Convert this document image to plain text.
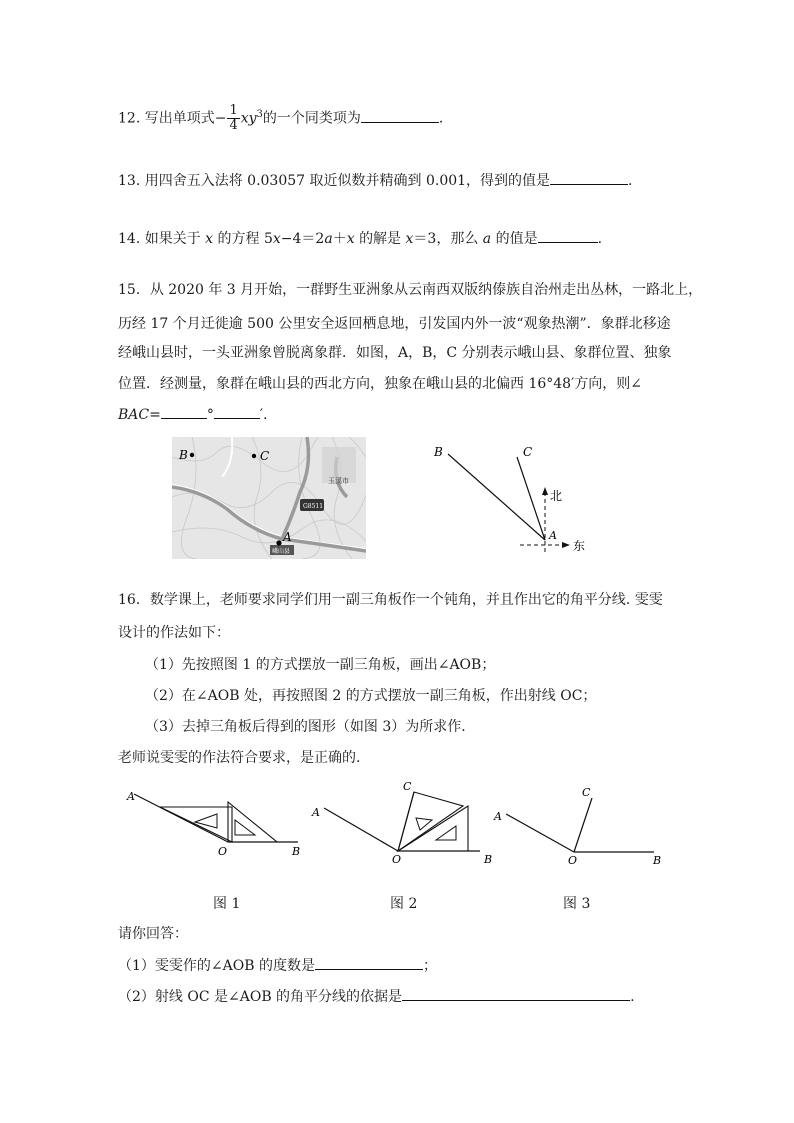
12. 写出单项式− $\frac{1}{4} xy^3$的一个同类项为	.
13. 用四舍五入法将 0.03057 取近似数并精确到 0.001，得到的值是	.
14. 如果关于 x 的方程 5x−4＝2a＋x 的解是 x＝3，那么 a 的值是	.
15．从 2020 年 3 月开始，一群野生亚洲象从云南西双版纳傣族自治州走出丛林，一路北上，
历经 17 个月迁徙逾 500 公里安全返回栖息地，引发国内外一波“观象热潮”．象群北移途
经峨山县时，一头亚洲象曾脱离象群．如图，A，B，C 分别表示峨山县、象群位置、独象
位置．经测量，象群在峨山县的西北方向，独象在峨山县的北偏西 16°48′方向，则∠
BAC=	°	′.
G8511
玉溪市
峨山县
B	C
A
B	C
A
北
东
16．数学课上，老师要求同学们用一副三角板作一个钝角，并且作出它的角平分线. 雯雯
设计的作法如下：
（1）先按照图 1 的方式摆放一副三角板，画出∠AOB；
（2）在∠AOB 处，再按照图 2 的方式摆放一副三角板，作出射线 OC；
（3）去掉三角板后得到的图形（如图 3）为所求作.
老师说雯雯的作法符合要求，是正确的.
A
O	B
图 1
A
C
O	B
图 2
A
C
O	B
图 3
请你回答：
（1）雯雯作的∠AOB 的度数是	；
（2）射线 OC 是∠AOB 的角平分线的依据是	.
